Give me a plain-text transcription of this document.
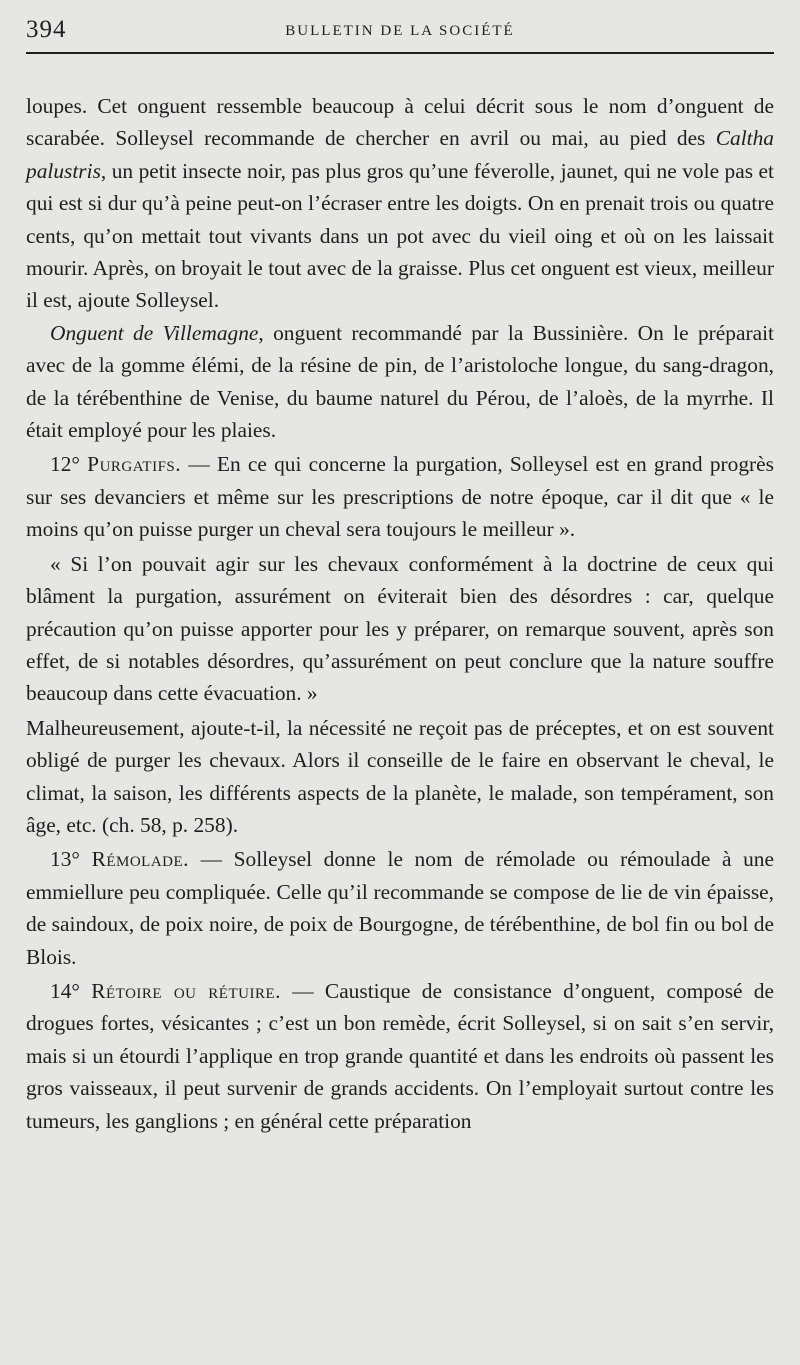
394	BULLETIN DE LA SOCIÉTÉ

loupes. Cet onguent ressemble beaucoup à celui décrit sous le nom d’onguent de scarabée. Solleysel recommande de chercher en avril ou mai, au pied des Caltha palustris, un petit insecte noir, pas plus gros qu’une féverolle, jaunet, qui ne vole pas et qui est si dur qu’à peine peut-on l’écraser entre les doigts. On en prenait trois ou quatre cents, qu’on mettait tout vivants dans un pot avec du vieil oing et où on les laissait mourir. Après, on broyait le tout avec de la graisse. Plus cet onguent est vieux, meilleur il est, ajoute Solleysel.

Onguent de Villemagne, onguent recommandé par la Bussinière. On le préparait avec de la gomme élémi, de la résine de pin, de l’aristoloche longue, du sang-dragon, de la térébenthine de Venise, du baume naturel du Pérou, de l’aloès, de la myrrhe. Il était employé pour les plaies.

12° Purgatifs. — En ce qui concerne la purgation, Solleysel est en grand progrès sur ses devanciers et même sur les prescriptions de notre époque, car il dit que « le moins qu’on puisse purger un cheval sera toujours le meilleur ».

« Si l’on pouvait agir sur les chevaux conformément à la doctrine de ceux qui blâment la purgation, assurément on éviterait bien des désordres : car, quelque précaution qu’on puisse apporter pour les y préparer, on remarque souvent, après son effet, de si notables désordres, qu’assurément on peut conclure que la nature souffre beaucoup dans cette évacuation. »

Malheureusement, ajoute-t-il, la nécessité ne reçoit pas de préceptes, et on est souvent obligé de purger les chevaux. Alors il conseille de le faire en observant le cheval, le climat, la saison, les différents aspects de la planète, le malade, son tempérament, son âge, etc. (ch. 58, p. 258).

13° Rémolade. — Solleysel donne le nom de rémolade ou rémoulade à une emmiellure peu compliquée. Celle qu’il recommande se compose de lie de vin épaisse, de saindoux, de poix noire, de poix de Bourgogne, de térébenthine, de bol fin ou bol de Blois.

14° Rétoire ou rétuire. — Caustique de consistance d’onguent, composé de drogues fortes, vésicantes ; c’est un bon remède, écrit Solleysel, si on sait s’en servir, mais si un étourdi l’applique en trop grande quantité et dans les endroits où passent les gros vaisseaux, il peut survenir de grands accidents. On l’employait surtout contre les tumeurs, les ganglions ; en général cette préparation
